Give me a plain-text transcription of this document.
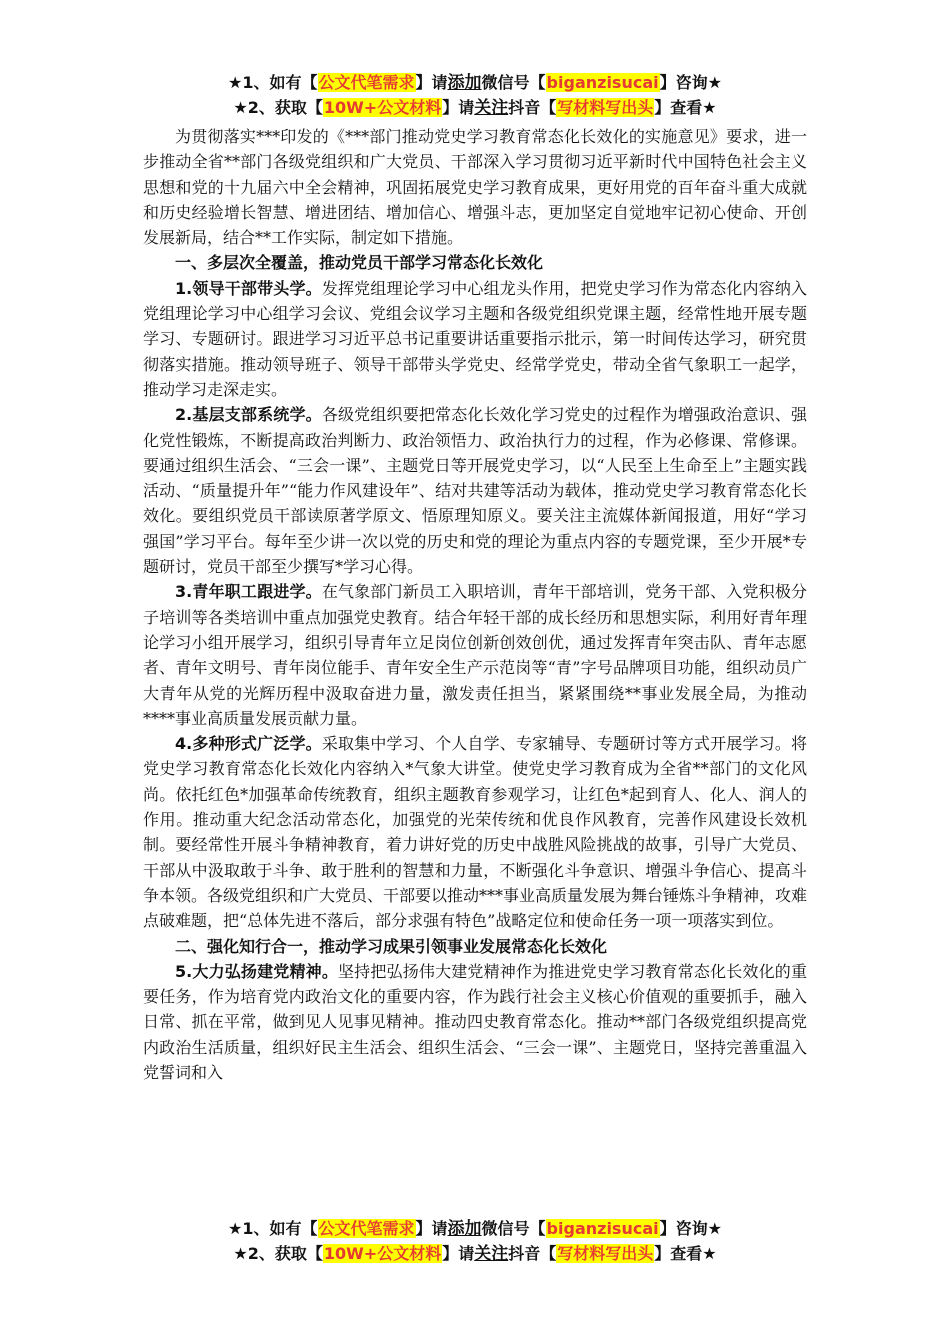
★1、如有【公文代笔需求】请添加微信号【biganzisucai】咨询★
★2、获取【10W+公文材料】请关注抖音【写材料写出头】查看★

为贯彻落实***印发的《***部门推动党史学习教育常态化长效化的实施意见》要求，进一步推动全省**部门各级党组织和广大党员、干部深入学习贯彻习近平新时代中国特色社会主义思想和党的十九届六中全会精神，巩固拓展党史学习教育成果，更好用党的百年奋斗重大成就和历史经验增长智慧、增进团结、增加信心、增强斗志，更加坚定自觉地牢记初心使命、开创发展新局，结合**工作实际，制定如下措施。

一、多层次全覆盖，推动党员干部学习常态化长效化

1.领导干部带头学。发挥党组理论学习中心组龙头作用，把党史学习作为常态化内容纳入党组理论学习中心组学习会议、党组会议学习主题和各级党组织党课主题，经常性地开展专题学习、专题研讨。跟进学习习近平总书记重要讲话重要指示批示，第一时间传达学习，研究贯彻落实措施。推动领导班子、领导干部带头学党史、经常学党史，带动全省气象职工一起学，推动学习走深走实。

2.基层支部系统学。各级党组织要把常态化长效化学习党史的过程作为增强政治意识、强化党性锻炼，不断提高政治判断力、政治领悟力、政治执行力的过程，作为必修课、常修课。要通过组织生活会、“三会一课”、主题党日等开展党史学习，以“人民至上生命至上”主题实践活动、“质量提升年”“能力作风建设年”、结对共建等活动为载体，推动党史学习教育常态化长效化。要组织党员干部读原著学原文、悟原理知原义。要关注主流媒体新闻报道，用好“学习强国”学习平台。每年至少讲一次以党的历史和党的理论为重点内容的专题党课，至少开展*专题研讨，党员干部至少撰写*学习心得。

3.青年职工跟进学。在气象部门新员工入职培训，青年干部培训，党务干部、入党积极分子培训等各类培训中重点加强党史教育。结合年轻干部的成长经历和思想实际，利用好青年理论学习小组开展学习，组织引导青年立足岗位创新创效创优，通过发挥青年突击队、青年志愿者、青年文明号、青年岗位能手、青年安全生产示范岗等“青”字号品牌项目功能，组织动员广大青年从党的光辉历程中汲取奋进力量，激发责任担当，紧紧围绕**事业发展全局，为推动****事业高质量发展贡献力量。

4.多种形式广泛学。采取集中学习、个人自学、专家辅导、专题研讨等方式开展学习。将党史学习教育常态化长效化内容纳入*气象大讲堂。使党史学习教育成为全省**部门的文化风尚。依托红色*加强革命传统教育，组织主题教育参观学习，让红色*起到育人、化人、润人的作用。推动重大纪念活动常态化，加强党的光荣传统和优良作风教育，完善作风建设长效机制。要经常性开展斗争精神教育，着力讲好党的历史中战胜风险挑战的故事，引导广大党员、干部从中汲取敢于斗争、敢于胜利的智慧和力量，不断强化斗争意识、增强斗争信心、提高斗争本领。各级党组织和广大党员、干部要以推动***事业高质量发展为舞台锤炼斗争精神，攻难点破难题，把“总体先进不落后，部分求强有特色”战略定位和使命任务一项一项落实到位。

二、强化知行合一，推动学习成果引领事业发展常态化长效化

5.大力弘扬建党精神。坚持把弘扬伟大建党精神作为推进党史学习教育常态化长效化的重要任务，作为培育党内政治文化的重要内容，作为践行社会主义核心价值观的重要抓手，融入日常、抓在平常，做到见人见事见精神。推动四史教育常态化。推动**部门各级党组织提高党内政治生活质量，组织好民主生活会、组织生活会、“三会一课”、主题党日，坚持完善重温入党誓词和入

★1、如有【公文代笔需求】请添加微信号【biganzisucai】咨询★
★2、获取【10W+公文材料】请关注抖音【写材料写出头】查看★
